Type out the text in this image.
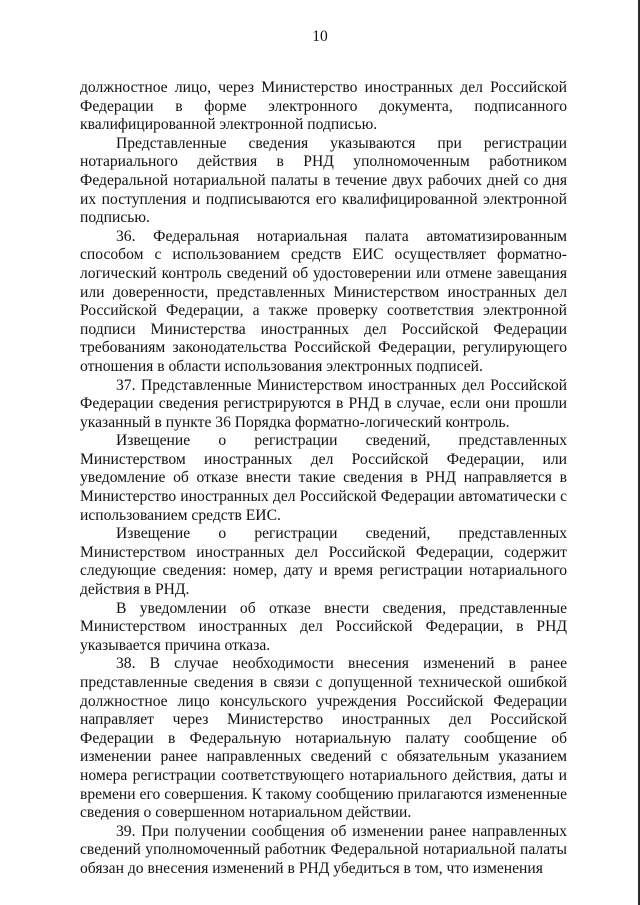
10

должностное лицо, через Министерство иностранных дел Российской Федерации в форме электронного документа, подписанного квалифицированной электронной подписью.

Представленные сведения указываются при регистрации нотариального действия в РНД уполномоченным работником Федеральной нотариальной палаты в течение двух рабочих дней со дня их поступления и подписываются его квалифицированной электронной подписью.

36. Федеральная нотариальная палата автоматизированным способом с использованием средств ЕИС осуществляет форматно-логический контроль сведений об удостоверении или отмене завещания или доверенности, представленных Министерством иностранных дел Российской Федерации, а также проверку соответствия электронной подписи Министерства иностранных дел Российской Федерации требованиям законодательства Российской Федерации, регулирующего отношения в области использования электронных подписей.

37. Представленные Министерством иностранных дел Российской Федерации сведения регистрируются в РНД в случае, если они прошли указанный в пункте 36 Порядка форматно-логический контроль.

Извещение о регистрации сведений, представленных Министерством иностранных дел Российской Федерации, или уведомление об отказе внести такие сведения в РНД направляется в Министерство иностранных дел Российской Федерации автоматически с использованием средств ЕИС.

Извещение о регистрации сведений, представленных Министерством иностранных дел Российской Федерации, содержит следующие сведения: номер, дату и время регистрации нотариального действия в РНД.

В уведомлении об отказе внести сведения, представленные Министерством иностранных дел Российской Федерации, в РНД указывается причина отказа.

38. В случае необходимости внесения изменений в ранее представленные сведения в связи с допущенной технической ошибкой должностное лицо консульского учреждения Российской Федерации направляет через Министерство иностранных дел Российской Федерации в Федеральную нотариальную палату сообщение об изменении ранее направленных сведений с обязательным указанием номера регистрации соответствующего нотариального действия, даты и времени его совершения. К такому сообщению прилагаются измененные сведения о совершенном нотариальном действии.

39. При получении сообщения об изменении ранее направленных сведений уполномоченный работник Федеральной нотариальной палаты обязан до внесения изменений в РНД убедиться в том, что изменения
